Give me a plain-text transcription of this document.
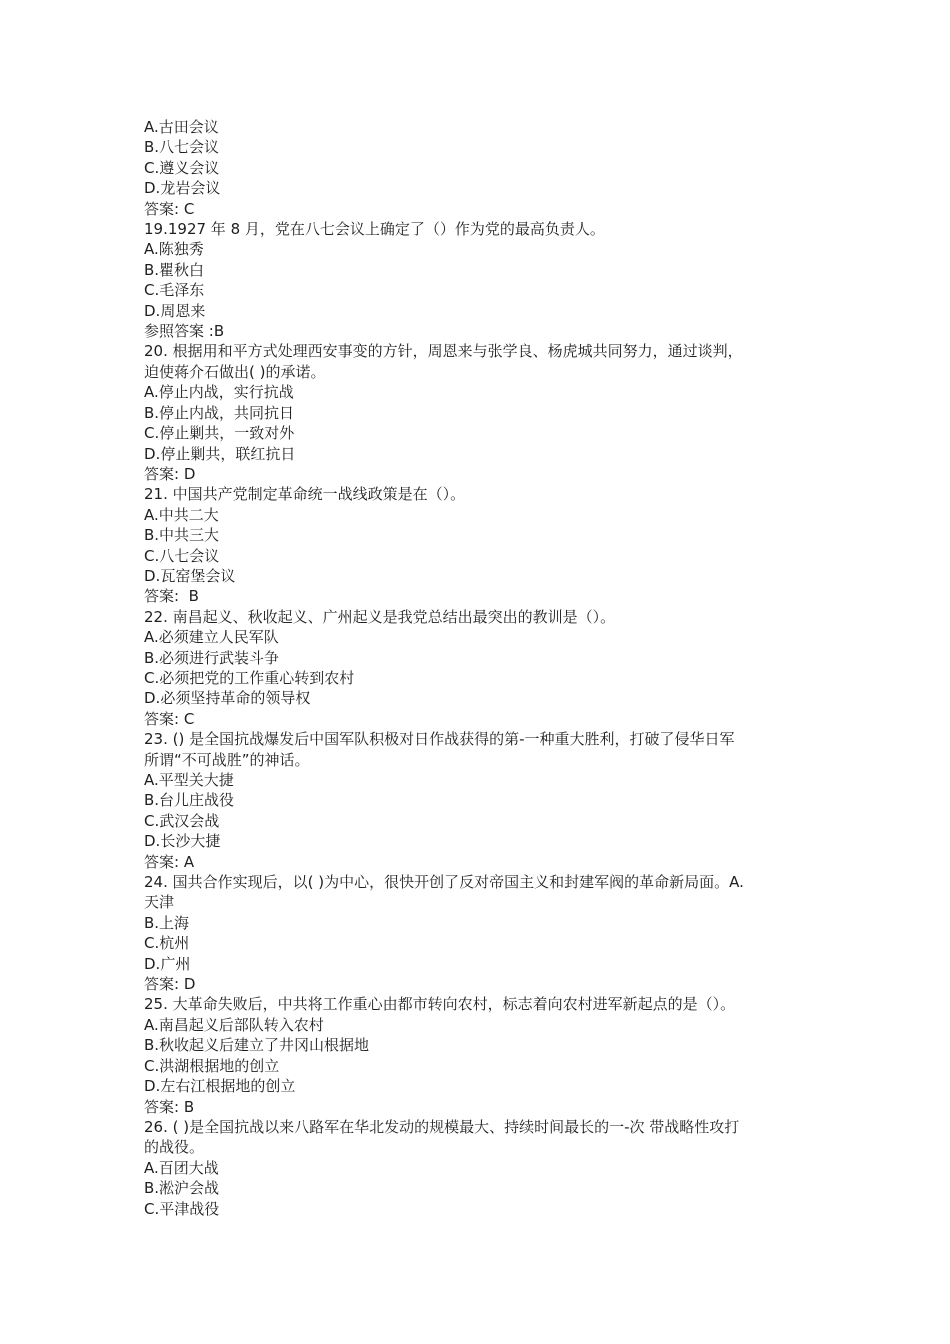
A.古田会议
B.八七会议
C.遵义会议
D.龙岩会议
答案: C
19.1927 年 8 月，党在八七会议上确定了（）作为党的最高负责人。
A.陈独秀
B.瞿秋白
C.毛泽东
D.周恩来
参照答案 :B
20. 根据用和平方式处理西安事变的方针，周恩来与张学良、杨虎城共同努力，通过谈判，
迫使蒋介石做出( )的承诺。
A.停止内战，实行抗战
B.停止内战，共同抗日
C.停止剿共，一致对外
D.停止剿共，联红抗日
答案: D
21. 中国共产党制定革命统一战线政策是在（）。
A.中共二大
B.中共三大
C.八七会议
D.瓦窑堡会议
答案:  B
22. 南昌起义、秋收起义、广州起义是我党总结出最突出的教训是（）。
A.必须建立人民军队
B.必须进行武装斗争
C.必须把党的工作重心转到农村
D.必须坚持革命的领导权
答案: C
23. () 是全国抗战爆发后中国军队积极对日作战获得的第-一种重大胜利，打破了侵华日军
所谓“不可战胜”的神话。
A.平型关大捷
B.台儿庄战役
C.武汉会战
D.长沙大捷
答案: A
24. 国共合作实现后，以( )为中心，很快开创了反对帝国主义和封建军阀的革命新局面。A.
天津
B.上海
C.杭州
D.广州
答案: D
25. 大革命失败后，中共将工作重心由都市转向农村，标志着向农村进军新起点的是（）。
A.南昌起义后部队转入农村
B.秋收起义后建立了井冈山根据地
C.洪湖根据地的创立
D.左右江根据地的创立
答案: B
26. ( )是全国抗战以来八路军在华北发动的规模最大、持续时间最长的一-次 带战略性攻打
的战役。
A.百团大战
B.淞沪会战
C.平津战役
